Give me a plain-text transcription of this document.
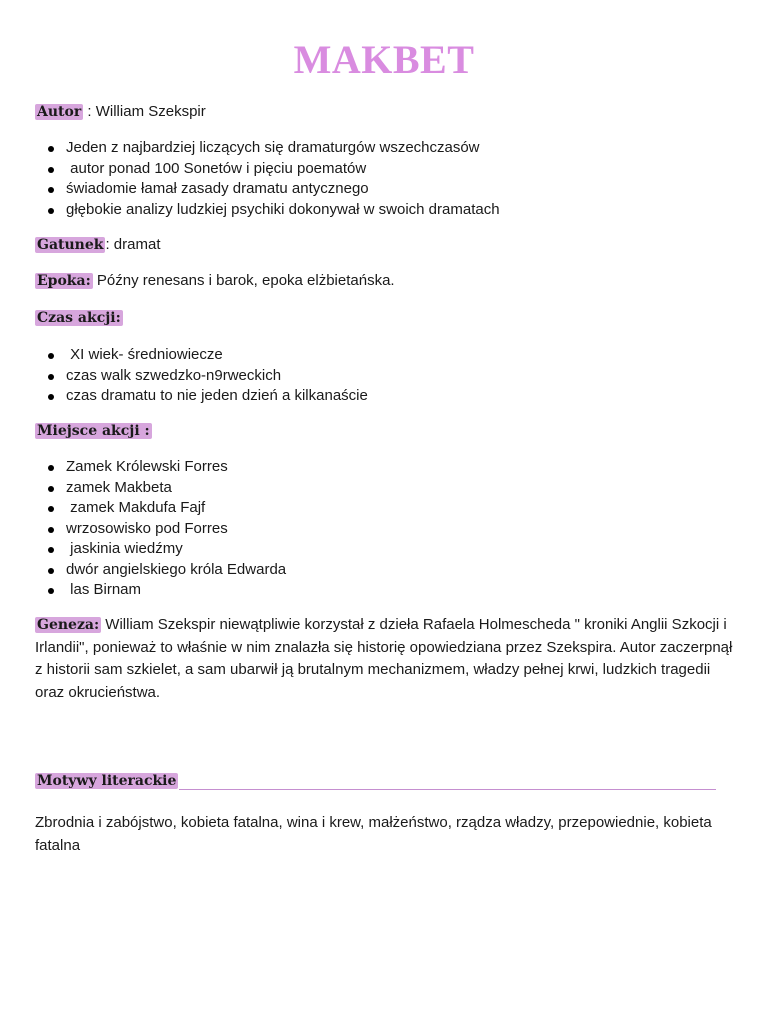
MAKBET
Autor : William Szekspir
Jeden z najbardziej liczących się dramaturgów wszechczasów
autor ponad 100 Sonetów i pięciu poematów
świadomie łamał zasady dramatu antycznego
głębokie analizy ludzkiej psychiki dokonywał w swoich dramatach
Gatunek : dramat
Epoka: Późny renesans i barok, epoka elżbietańska.
Czas akcji:
XI wiek- średniowiecze
czas walk szwedzko-n9rweckich
czas dramatu to nie jeden dzień a kilkanaście
Miejsce akcji :
Zamek Królewski Forres
zamek Makbeta
zamek Makdufa Fajf
wrzosowisko pod Forres
jaskinia wiedźmy
dwór angielskiego króla Edwarda
las Birnam
Geneza: William Szekspir niewątpliwie korzystał z dzieła Rafaela Holmescheda " kroniki Anglii Szkocji i Irlandii", ponieważ to właśnie w nim znalazła się historię opowiedziana przez Szekspira. Autor zaczerpnął z historii sam szkielet, a sam ubarwił ją brutalnym mechanizmem, władzy pełnej krwi, ludzkich tragedii oraz okrucieństwa.
Motywy literackie
Zbrodnia i zabójstwo, kobieta fatalna, wina i krew, małżeństwo, rządza władzy, przepowiednie, kobieta fatalna
